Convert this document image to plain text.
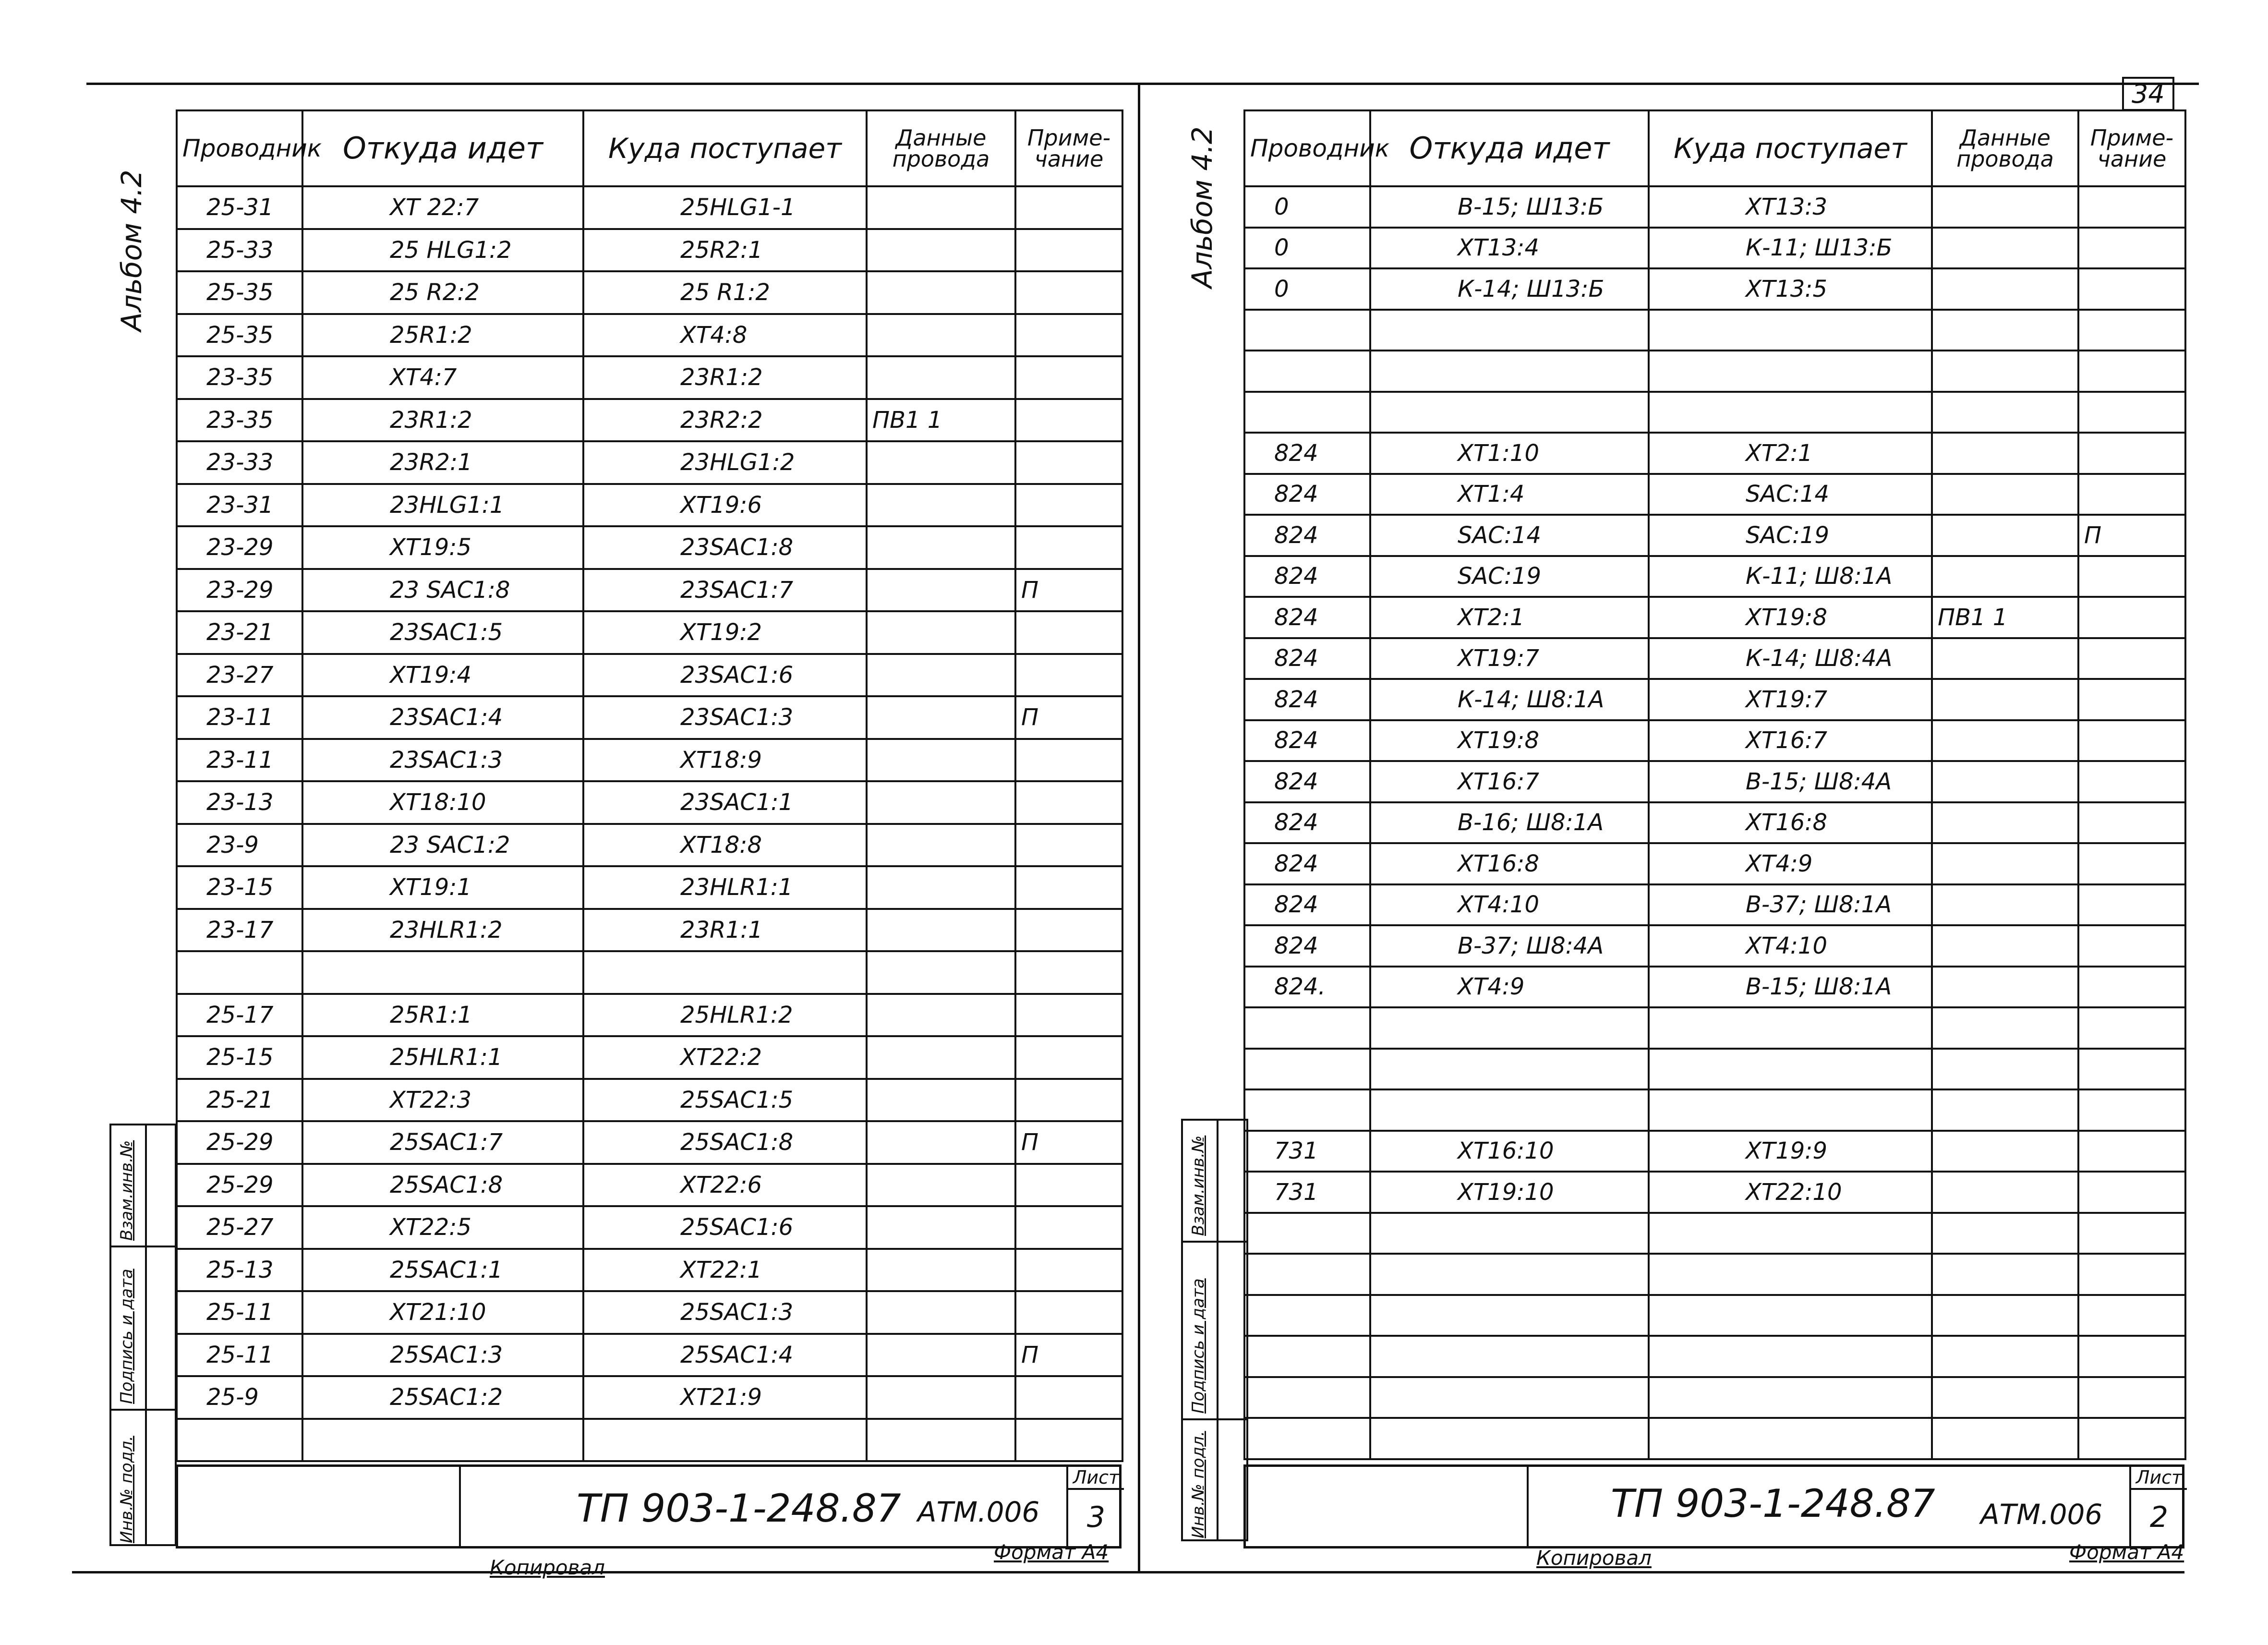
34
Альбом 4.2
Инв.№ подл.
Подпись и дата
Взам.инв.№
Проводник	Откуда идет	Куда поступает	Данные провода	Приме-чание
25-31	ХТ 22:7	25HLG1-1		
25-33	25 HLG1:2	25R2:1		
25-35	25 R2:2	25 R1:2		
25-35	25R1:2	ХТ4:8		
23-35	ХТ4:7	23R1:2		
23-35	23R1:2	23R2:2	ПВ1 1	
23-33	23R2:1	23HLG1:2		
23-31	23HLG1:1	ХТ19:6		
23-29	ХТ19:5	23SAC1:8		
23-29	23 SAC1:8	23SAC1:7		П
23-21	23SAC1:5	ХТ19:2		
23-27	ХТ19:4	23SAC1:6		
23-11	23SAC1:4	23SAC1:3		П
23-11	23SAC1:3	ХТ18:9		
23-13	ХТ18:10	23SAC1:1		
23-9	23 SAC1:2	ХТ18:8		
23-15	ХТ19:1	23HLR1:1		
23-17	23HLR1:2	23R1:1		

25-17	25R1:1	25HLR1:2		
25-15	25HLR1:1	ХТ22:2		
25-21	ХТ22:3	25SAC1:5		
25-29	25SAC1:7	25SAC1:8		П
25-29	25SAC1:8	ХТ22:6		
25-27	ХТ22:5	25SAC1:6		
25-13	25SAC1:1	ХТ22:1		
25-11	ХТ21:10	25SAC1:3		
25-11	25SAC1:3	25SAC1:4		П
25-9	25SAC1:2	ХТ21:9		

ТП 903-1-248.87 АТМ.006
Лист
3
Копировал
Формат А4
Альбом 4.2
Инв.№ подл.
Подпись и дата
Взам.инв.№
Проводник	Откуда идет	Куда поступает	Данные провода	Приме-чание
0	В-15; Ш13:Б	ХТ13:3		
0	ХТ13:4	К-11; Ш13:Б		
0	К-14; Ш13:Б	ХТ13:5		

824	ХТ1:10	ХТ2:1		
824	ХТ1:4	SAC:14		
824	SAC:14	SAC:19		П
824	SAC:19	К-11; Ш8:1А		
824	ХТ2:1	ХТ19:8	ПВ1 1	
824	ХТ19:7	К-14; Ш8:4А		
824	К-14; Ш8:1А	ХТ19:7		
824	ХТ19:8	ХТ16:7		
824	ХТ16:7	В-15; Ш8:4А		
824	В-16; Ш8:1А	ХТ16:8		
824	ХТ16:8	ХТ4:9		
824	ХТ4:10	В-37; Ш8:1А		
824	В-37; Ш8:4А	ХТ4:10		
824.	ХТ4:9	В-15; Ш8:1А		

731	ХТ16:10	ХТ19:9		
731	ХТ19:10	ХТ22:10		

ТП 903-1-248.87 АТМ.006
Лист
2
Копировал	Формат А4
